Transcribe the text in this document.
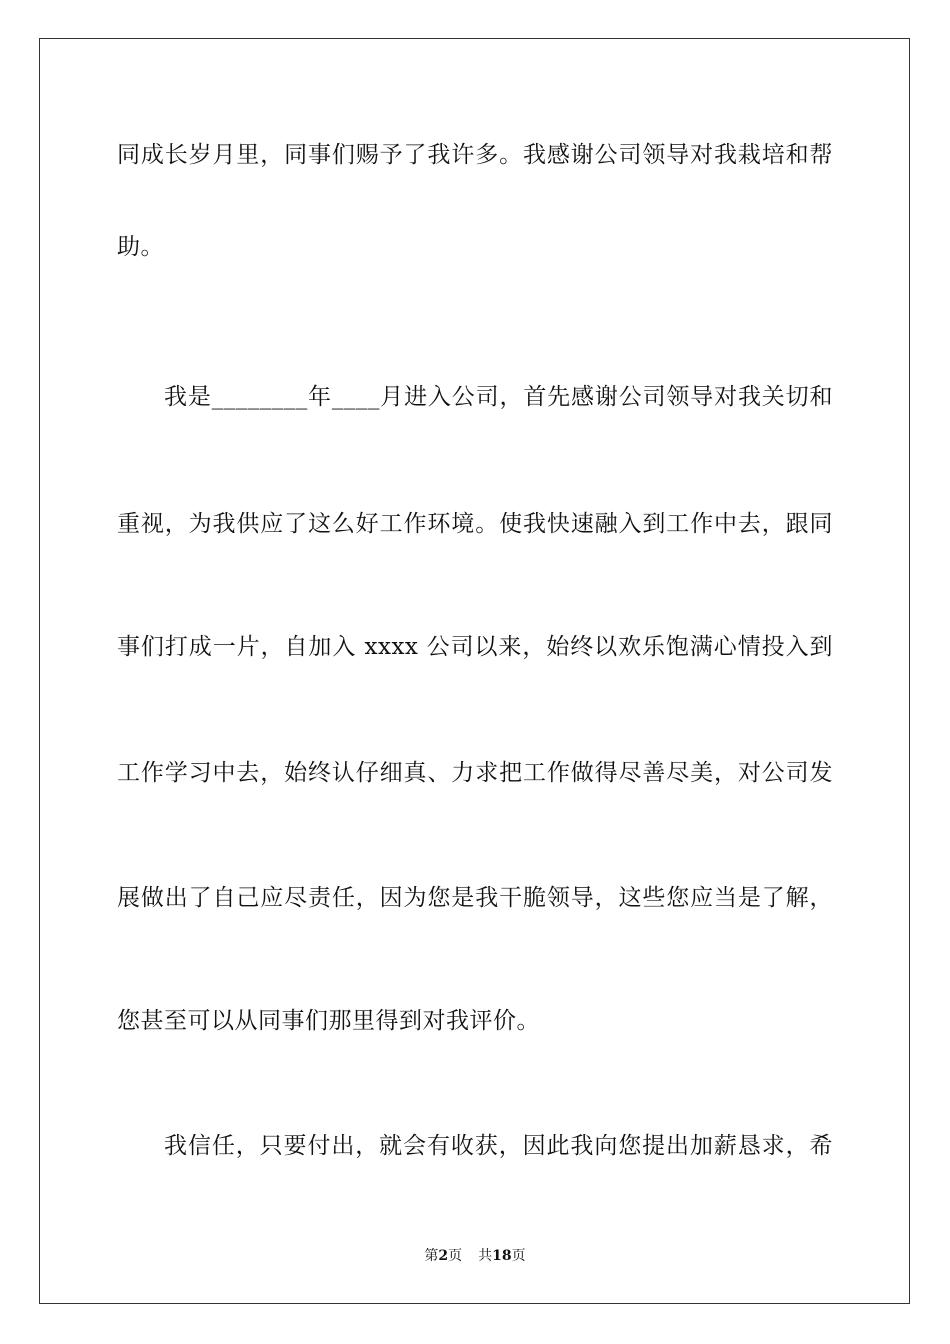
同成长岁月里，同事们赐予了我许多。我感谢公司领导对我栽培和帮
助。
我是________年____月进入公司，首先感谢公司领导对我关切和
重视，为我供应了这么好工作环境。使我快速融入到工作中去，跟同
事们打成一片，自加入 xxxx 公司以来，始终以欢乐饱满心情投入到
工作学习中去，始终认仔细真、力求把工作做得尽善尽美，对公司发
展做出了自己应尽责任，因为您是我干脆领导，这些您应当是了解，
您甚至可以从同事们那里得到对我评价。
我信任，只要付出，就会有收获，因此我向您提出加薪恳求，希
第2页 共18页
